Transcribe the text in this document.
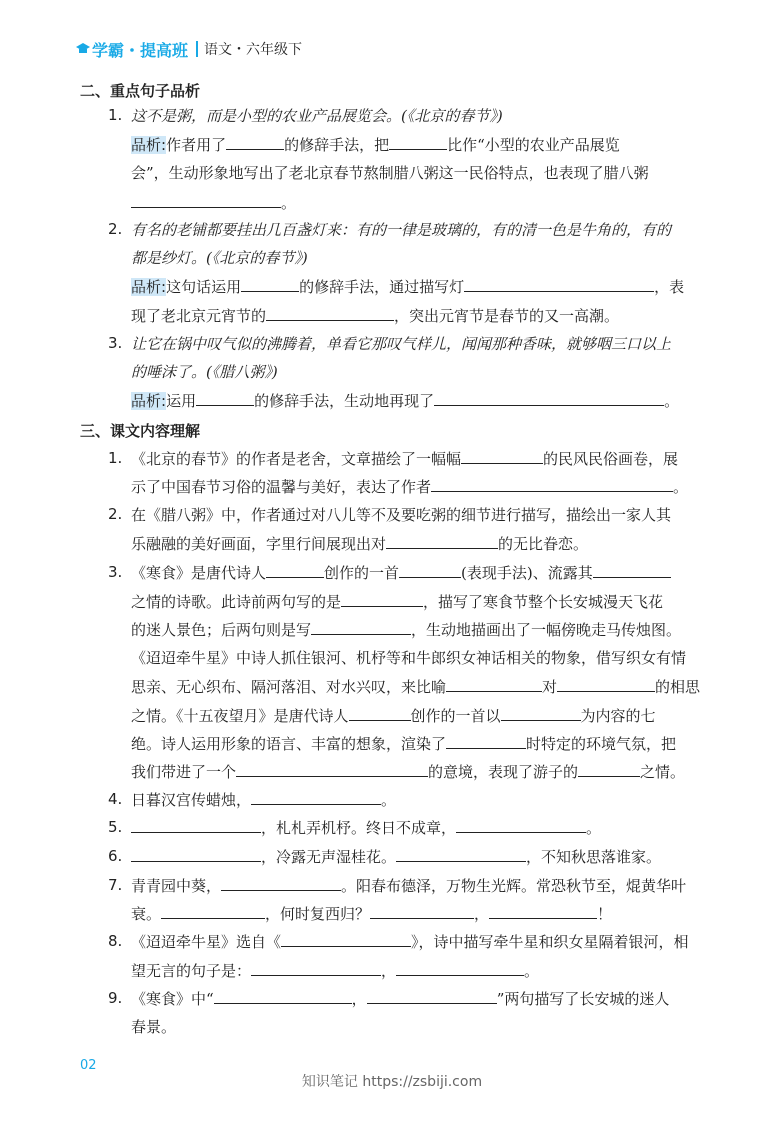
学霸・提高班 语文・六年级下
二、重点句子品析
1. 这不是粥，而是小型的农业产品展览会。(《北京的春节》)
品析:作者用了	的修辞手法，把	比作“小型的农业产品展览
会”，生动形象地写出了老北京春节熬制腊八粥这一民俗特点，也表现了腊八粥
。
2. 有名的老铺都要挂出几百盏灯来：有的一律是玻璃的，有的清一色是牛角的，有的
都是纱灯。(《北京的春节》)
品析:这句话运用	的修辞手法，通过描写灯	，表
现了老北京元宵节的	，突出元宵节是春节的又一高潮。
3. 让它在锅中叹气似的沸腾着，单看它那叹气样儿，闻闻那种香味，就够咽三口以上
的唾沫了。(《腊八粥》)
品析:运用	的修辞手法，生动地再现了	。
三、课文内容理解
1. 《北京的春节》的作者是老舍，文章描绘了一幅幅	的民风民俗画卷，展
示了中国春节习俗的温馨与美好，表达了作者	。
2. 在《腊八粥》中，作者通过对八儿等不及要吃粥的细节进行描写，描绘出一家人其
乐融融的美好画面，字里行间展现出对	的无比眷恋。
3. 《寒食》是唐代诗人	创作的一首	(表现手法)、流露其
之情的诗歌。此诗前两句写的是	，描写了寒食节整个长安城漫天飞花
的迷人景色；后两句则是写	，生动地描画出了一幅傍晚走马传烛图。
《迢迢牵牛星》中诗人抓住银河、机杼等和牛郎织女神话相关的物象，借写织女有情
思亲、无心织布、隔河落泪、对水兴叹，来比喻	对	的相思
之情。《十五夜望月》是唐代诗人	创作的一首以	为内容的七
绝。诗人运用形象的语言、丰富的想象，渲染了	时特定的环境气氛，把
我们带进了一个	的意境，表现了游子的	之情。
4. 日暮汉宫传蜡烛，	。
5.	，札札弄机杼。终日不成章，	。
6.	，冷露无声湿桂花。	，不知秋思落谁家。
7. 青青园中葵，	。阳春布德泽，万物生光辉。常恐秋节至，焜黄华叶
衰。	，何时复西归？	，	！
8. 《迢迢牵牛星》选自《	》，诗中描写牵牛星和织女星隔着银河，相
望无言的句子是：	，	。
9. 《寒食》中“	，	”两句描写了长安城的迷人
春景。
02
知识笔记 https://zsbiji.com
